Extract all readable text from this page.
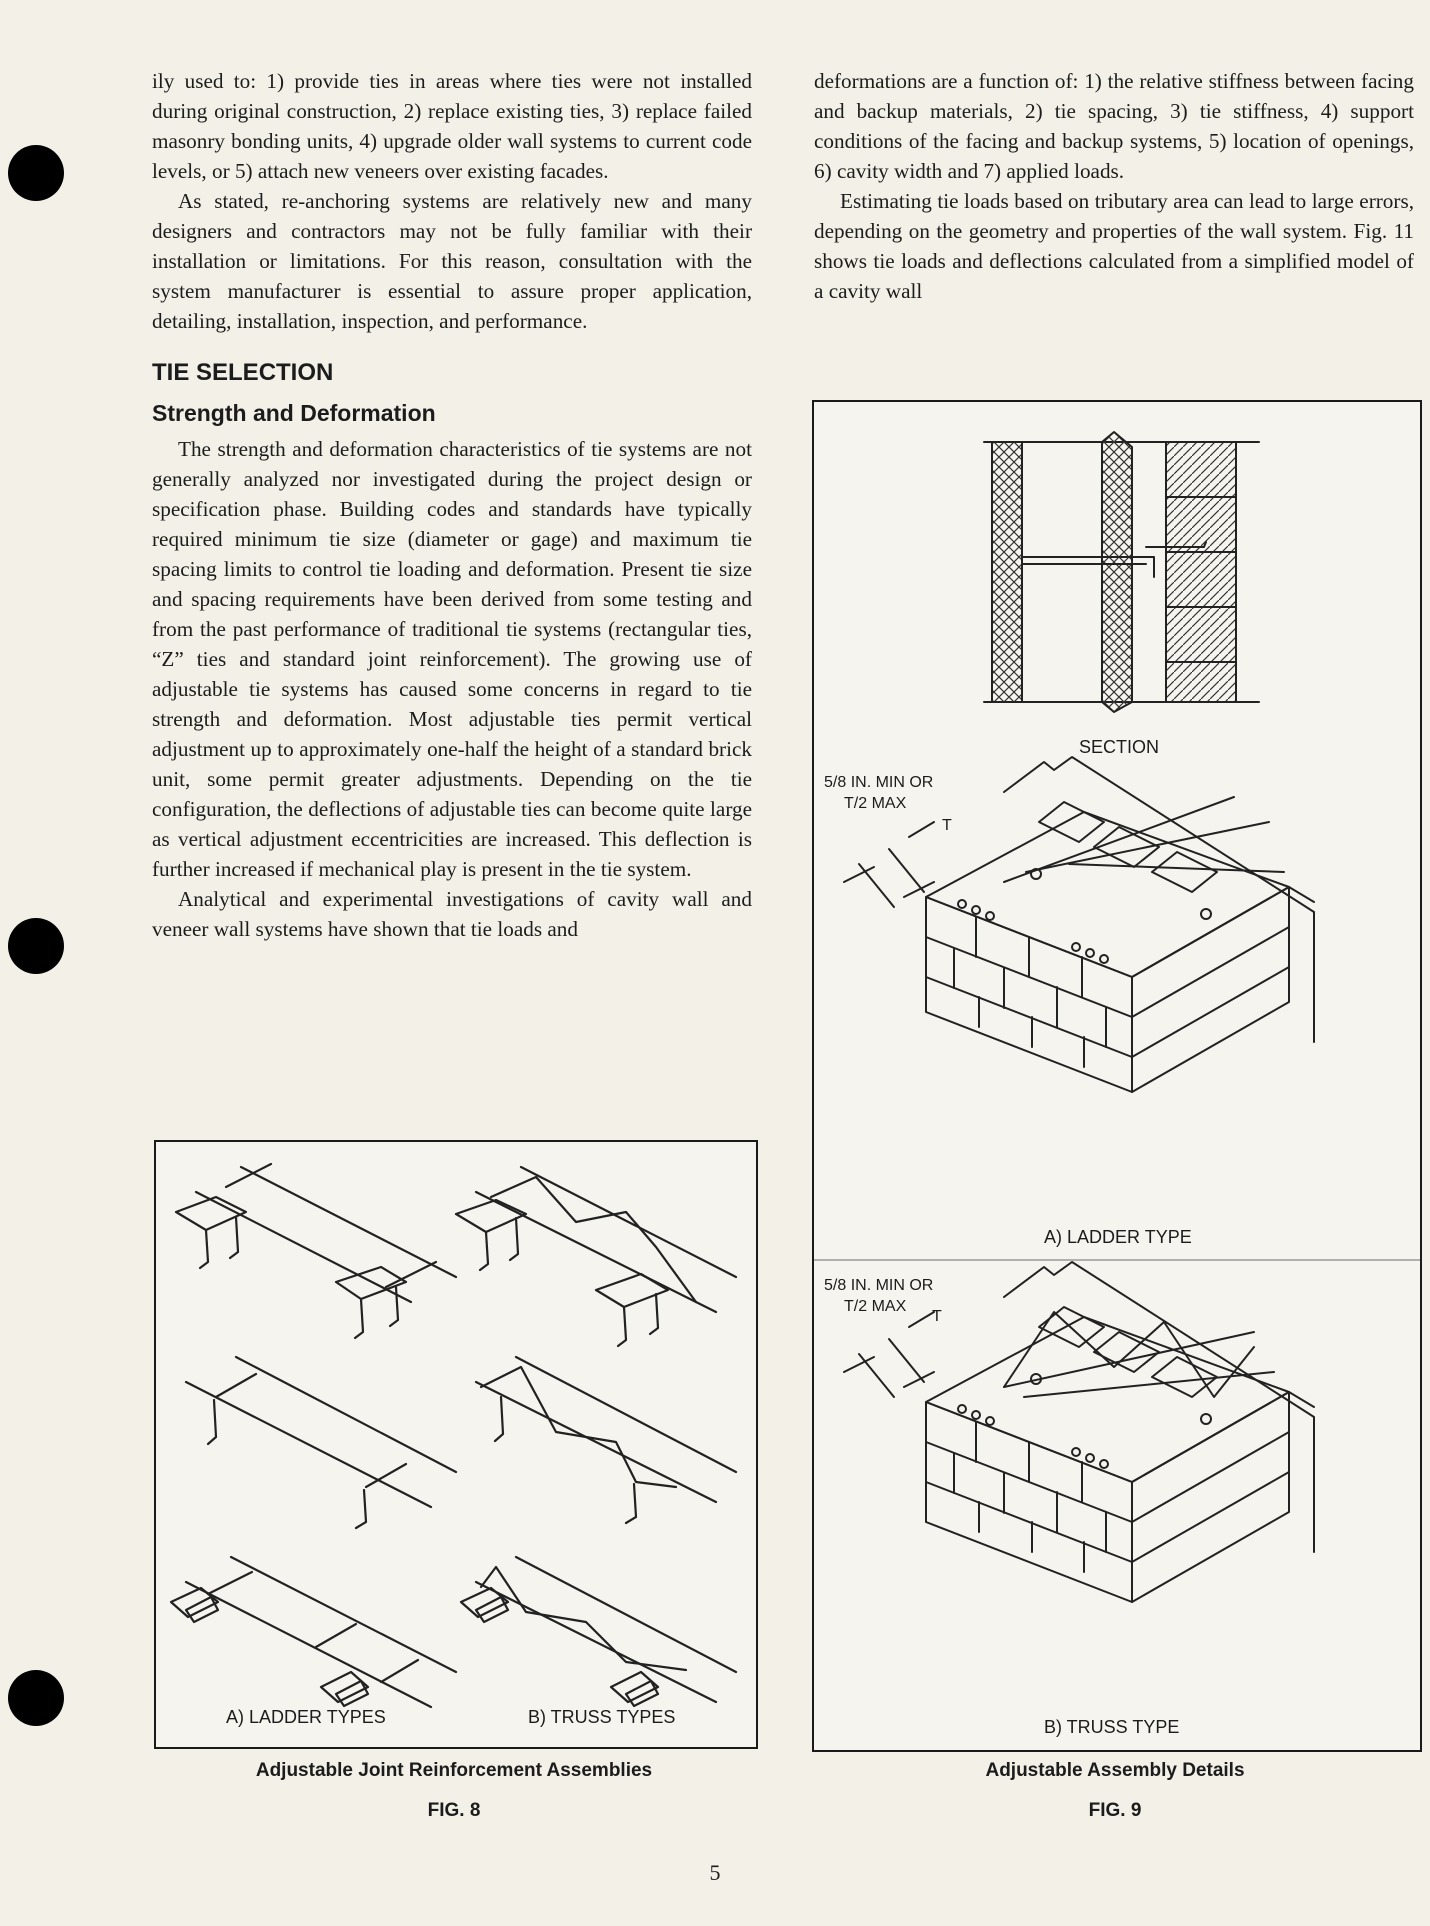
ily used to: 1) provide ties in areas where ties were not installed during original construction, 2) replace existing ties, 3) replace failed masonry bonding units, 4) upgrade older wall systems to current code levels, or 5) attach new veneers over existing facades.

As stated, re-anchoring systems are relatively new and many designers and contractors may not be fully familiar with their installation or limitations. For this reason, consultation with the system manufacturer is essential to assure proper application, detailing, installation, inspection, and performance.

TIE SELECTION
Strength and Deformation

The strength and deformation characteristics of tie systems are not generally analyzed nor investigated during the project design or specification phase. Building codes and standards have typically required minimum tie size (diameter or gage) and maximum tie spacing limits to control tie loading and deformation. Present tie size and spacing requirements have been derived from some testing and from the past performance of traditional tie systems (rectangular ties, “Z” ties and standard joint reinforcement). The growing use of adjustable tie systems has caused some concerns in regard to tie strength and deformation. Most adjustable ties permit vertical adjustment up to approximately one-half the height of a standard brick unit, some permit greater adjustments. Depending on the tie configuration, the deflections of adjustable ties can become quite large as vertical adjustment eccentricities are increased. This deflection is further increased if mechanical play is present in the tie system.

Analytical and experimental investigations of cavity wall and veneer wall systems have shown that tie loads and

deformations are a function of: 1) the relative stiffness between facing and backup materials, 2) tie spacing, 3) tie stiffness, 4) support conditions of the facing and backup systems, 5) location of openings, 6) cavity width and 7) applied loads.

Estimating tie loads based on tributary area can lead to large errors, depending on the geometry and properties of the wall system. Fig. 11 shows tie loads and deflections calculated from a simplified model of a cavity wall

A) LADDER TYPES	B) TRUSS TYPES
Adjustable Joint Reinforcement Assemblies
FIG. 8
SECTION
5/8 IN. MIN OR
T/2 MAX
T
A) LADDER TYPE
5/8 IN. MIN OR
T/2 MAX
T
B) TRUSS TYPE
Adjustable Assembly Details
FIG. 9
5
